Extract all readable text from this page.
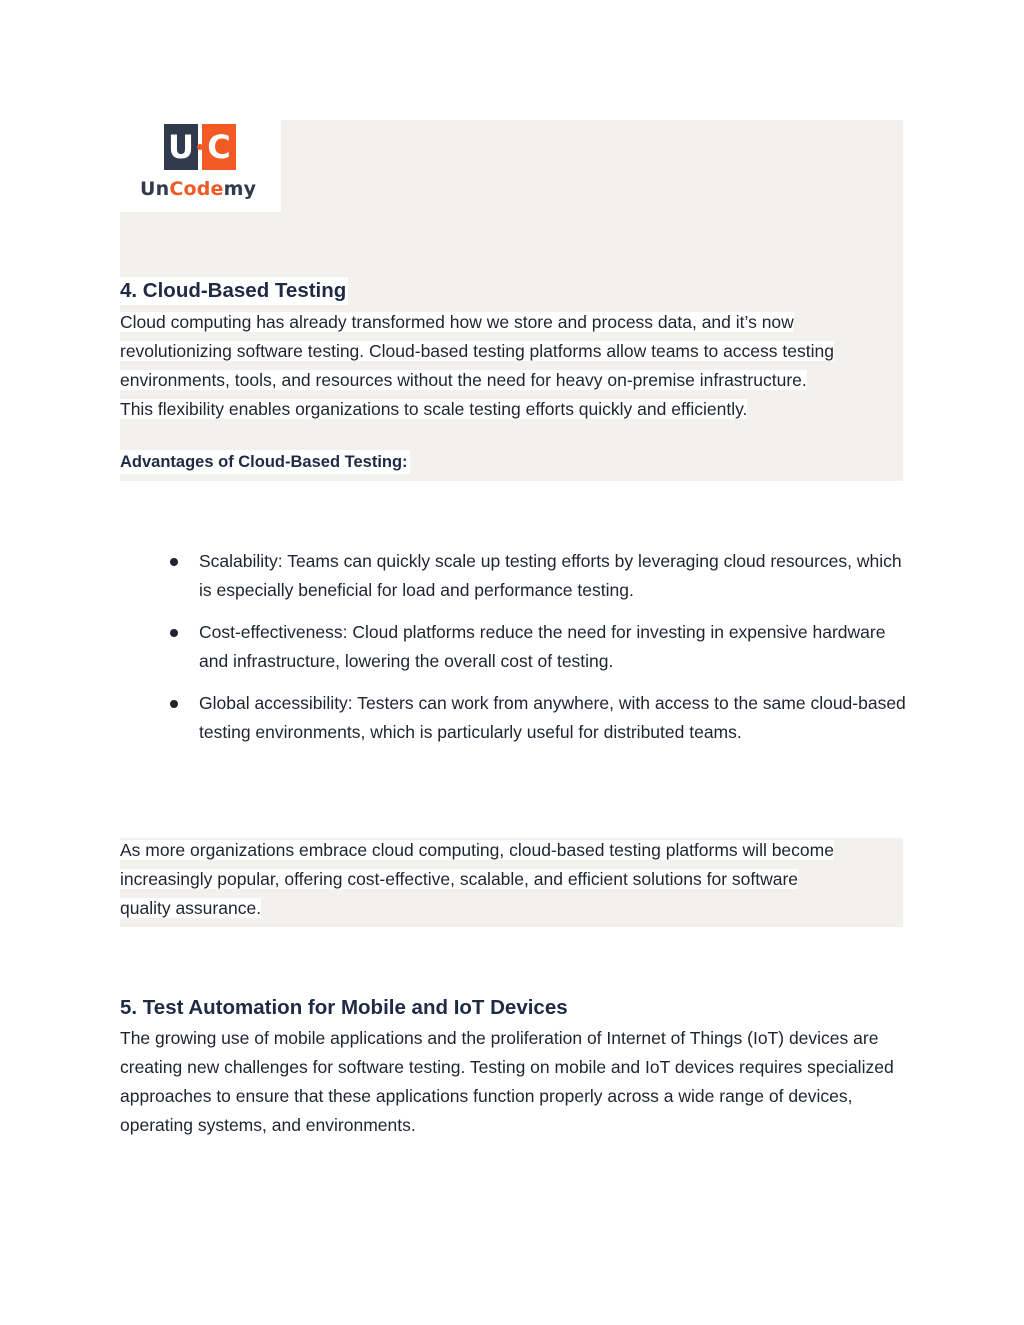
U C
UnCodemy
4. Cloud-Based Testing

Cloud computing has already transformed how we store and process data, and it’s now
revolutionizing software testing. Cloud-based testing platforms allow teams to access testing
environments, tools, and resources without the need for heavy on-premise infrastructure.
This flexibility enables organizations to scale testing efforts quickly and efficiently.

Advantages of Cloud-Based Testing:
Scalability: Teams can quickly scale up testing efforts by leveraging cloud resources, which is especially beneficial for load and performance testing.
Cost-effectiveness: Cloud platforms reduce the need for investing in expensive hardware and infrastructure, lowering the overall cost of testing.
Global accessibility: Testers can work from anywhere, with access to the same cloud-based testing environments, which is particularly useful for distributed teams.

As more organizations embrace cloud computing, cloud-based testing platforms will become
increasingly popular, offering cost-effective, scalable, and efficient solutions for software
quality assurance.

5. Test Automation for Mobile and IoT Devices

The growing use of mobile applications and the proliferation of Internet of Things (IoT) devices are creating new challenges for software testing. Testing on mobile and IoT devices requires specialized approaches to ensure that these applications function properly across a wide range of devices, operating systems, and environments.
